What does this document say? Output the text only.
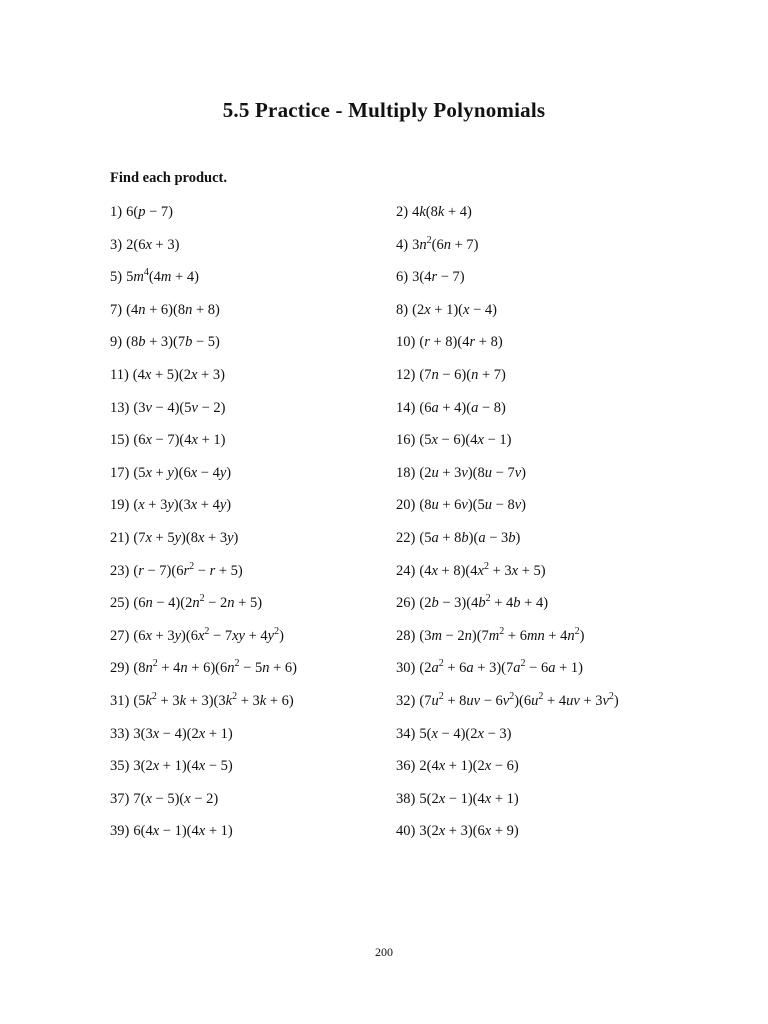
5.5 Practice - Multiply Polynomials
Find each product.
1) 6(p − 7)	2) 4k(8k + 4)
3) 2(6x + 3)	4) $3n^2(6n + 7)$
5) $5m^4(4m + 4)$	6) 3(4r − 7)
7) (4n + 6)(8n + 8)	8) (2x + 1)(x − 4)
9) (8b + 3)(7b − 5)	10) (r + 8)(4r + 8)
11) (4x + 5)(2x + 3)	12) (7n − 6)(n + 7)
13) (3v − 4)(5v − 2)	14) (6a + 4)(a − 8)
15) (6x − 7)(4x + 1)	16) (5x − 6)(4x − 1)
17) (5x + y)(6x − 4y)	18) (2u + 3v)(8u − 7v)
19) (x + 3y)(3x + 4y)	20) (8u + 6v)(5u − 8v)
21) (7x + 5y)(8x + 3y)	22) (5a + 8b)(a − 3b)
23) $(r - 7)(6r^2 - r + 5)$	24) $(4x + 8)(4x^2 + 3x + 5)$
25) $(6n - 4)(2n^2 - 2n + 5)$	26) $(2b - 3)(4b^2 + 4b + 4)$
27) $(6x + 3y)(6x^2 - 7xy + 4y^2)$	28) $(3m - 2n)(7m^2 + 6mn + 4n^2)$
29) $(8n^2 + 4n + 6)(6n^2 - 5n + 6)$	30) $(2a^2 + 6a + 3)(7a^2 - 6a + 1)$
31) $(5k^2 + 3k + 3)(3k^2 + 3k + 6)$	32) $(7u^2 + 8uv - 6v^2)(6u^2 + 4uv + 3v^2)$
33) 3(3x − 4)(2x + 1)	34) 5(x − 4)(2x − 3)
35) 3(2x + 1)(4x − 5)	36) 2(4x + 1)(2x − 6)
37) 7(x − 5)(x − 2)	38) 5(2x − 1)(4x + 1)
39) 6(4x − 1)(4x + 1)	40) 3(2x + 3)(6x + 9)
200
